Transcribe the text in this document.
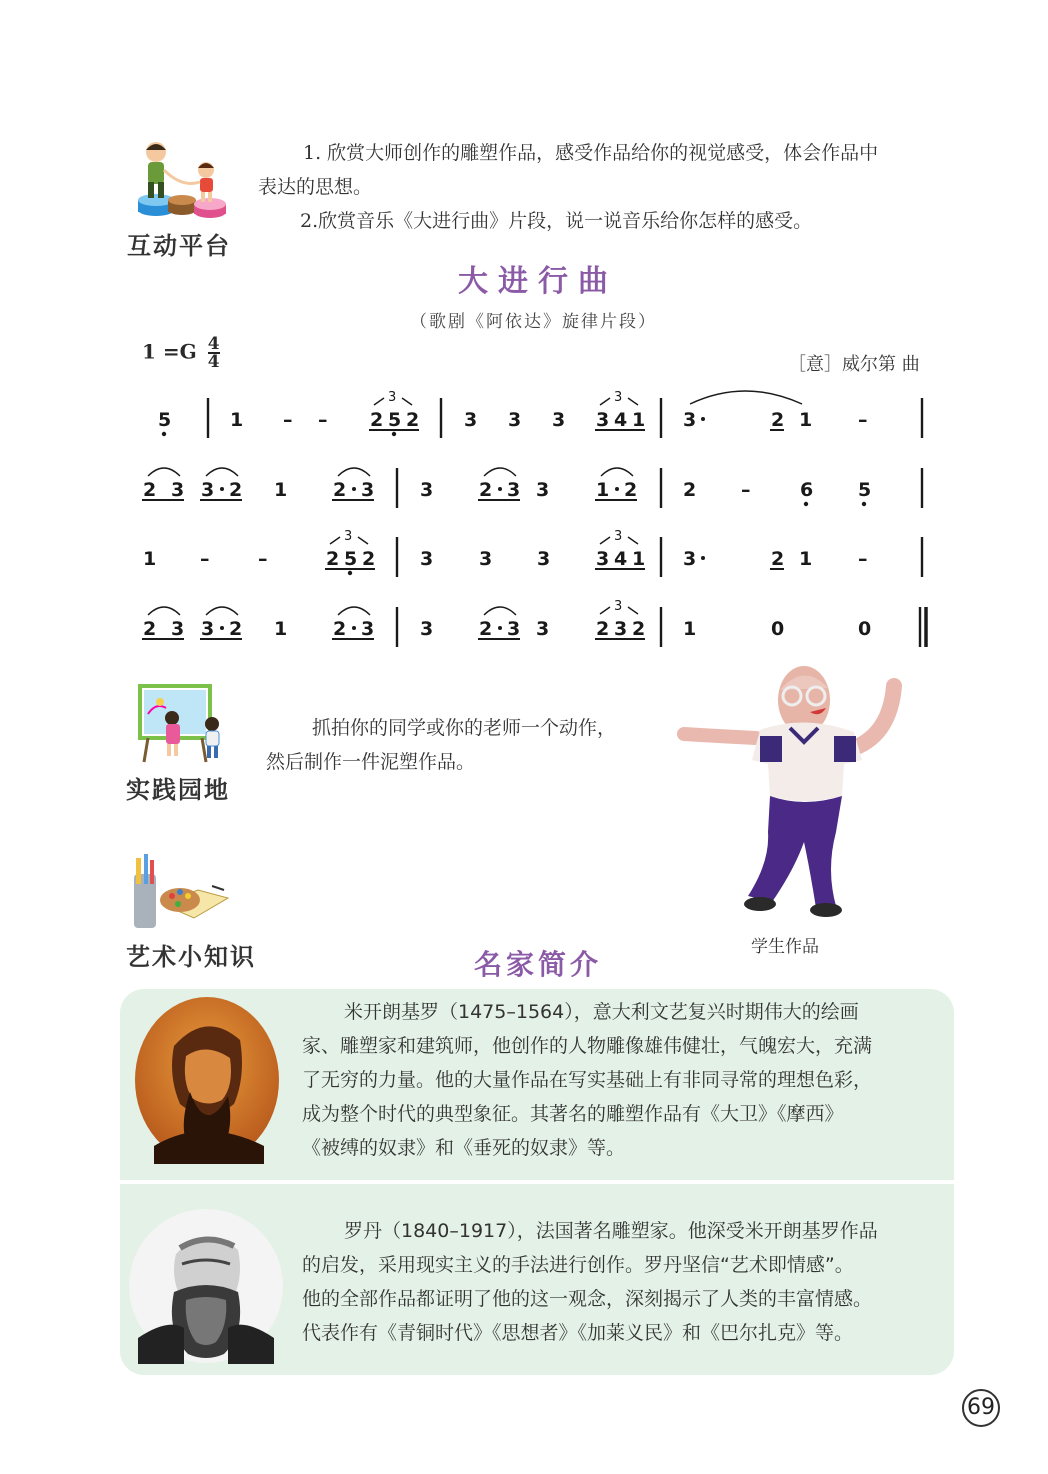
互动平台
1. 欣赏大师创作的雕塑作品，感受作品给你的视觉感受，体会作品中
表达的思想。
2.欣赏音乐《大进行曲》片段，说一说音乐给你怎样的感受。
大进行曲
（歌剧《阿依达》旋律片段）
$1 =G \frac{4}{4}$	［意］威尔第 曲
5	1 – –
3
2 5 2 3 3 3
3
3 4 1 3	2 1 –
2 3 3 2 1 2 3 3 2 3 3 1 2 2 –	6 5
1 –	–
3
2 5 2 3 3 3
3
3 4 1 3	2 1 –
2 3 3 2 1 2 3 3 2 3 3
3
2 3 2 1	0	0
实践园地
抓拍你的同学或你的老师一个动作，
然后制作一件泥塑作品。
学生作品
艺术小知识	名家简介
米开朗基罗（1475–1564），意大利文艺复兴时期伟大的绘画
家、雕塑家和建筑师，他创作的人物雕像雄伟健壮，气魄宏大，充满
了无穷的力量。他的大量作品在写实基础上有非同寻常的理想色彩，
成为整个时代的典型象征。其著名的雕塑作品有《大卫》《摩西》
《被缚的奴隶》和《垂死的奴隶》等。
罗丹（1840–1917），法国著名雕塑家。他深受米开朗基罗作品
的启发，采用现实主义的手法进行创作。罗丹坚信“艺术即情感”。
他的全部作品都证明了他的这一观念，深刻揭示了人类的丰富情感。
代表作有《青铜时代》《思想者》《加莱义民》和《巴尔扎克》等。
69
